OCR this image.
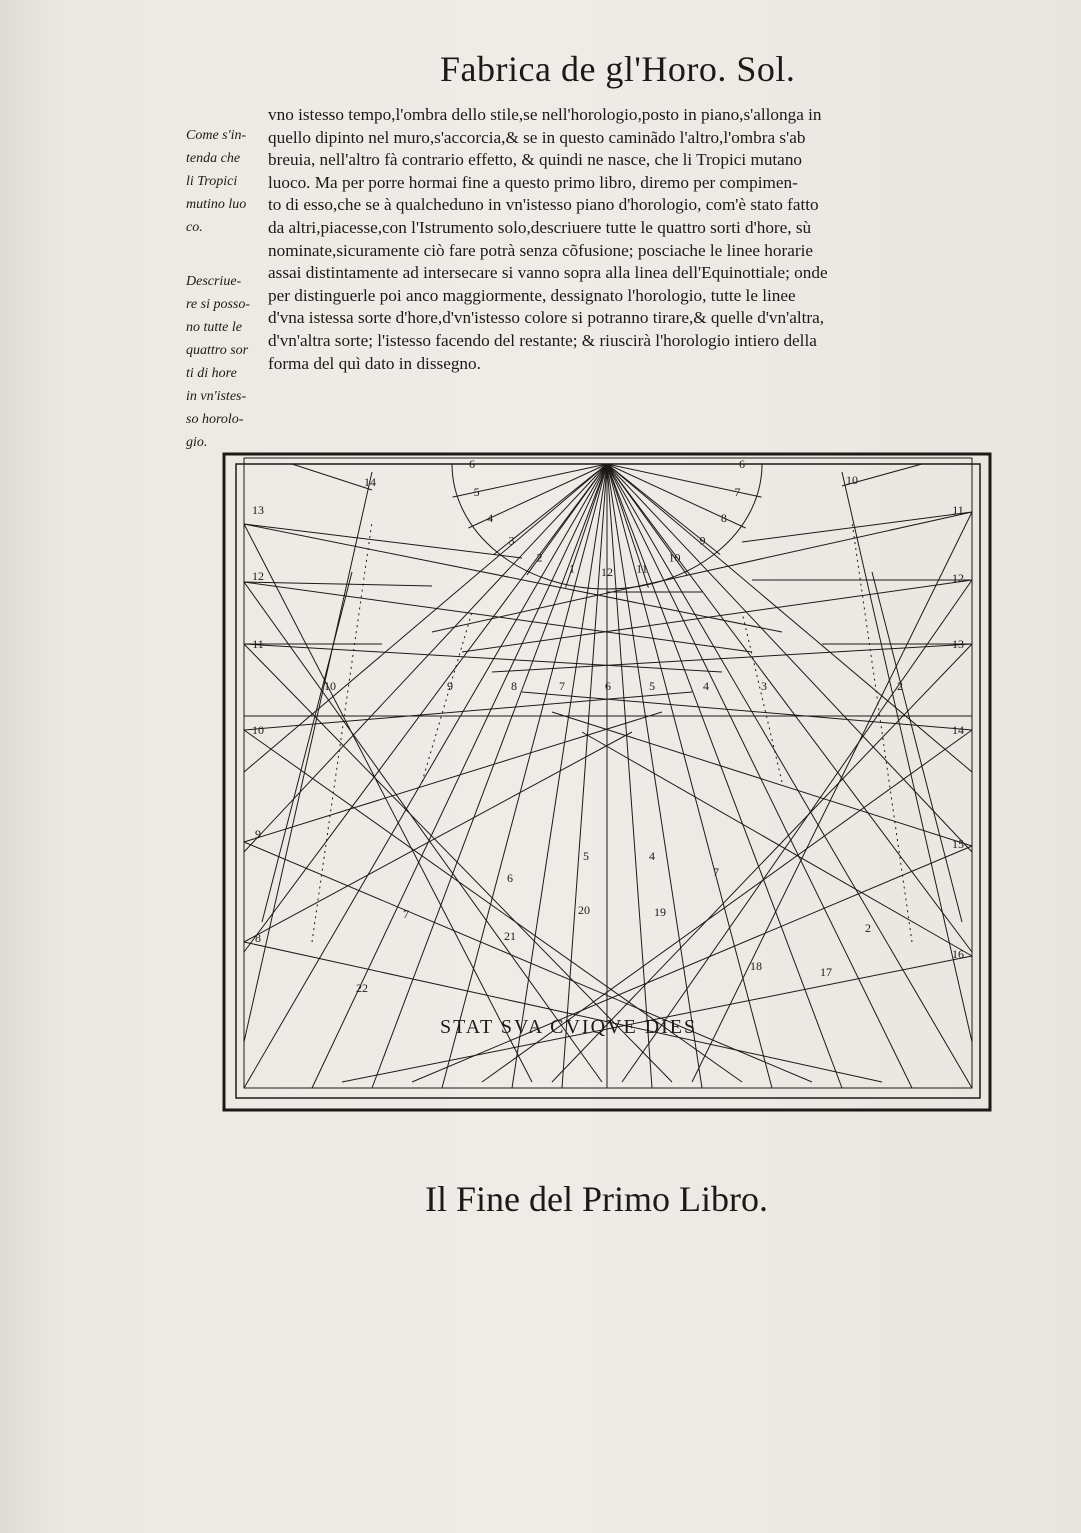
Fabrica de gl'Horo. Sol.
Come s'in-
tenda che
li Tropici
mutino luo
co.
Descriue-
re si posso-
no tutte le
quattro sor
ti di hore
in vn'istes-
so horolo-
gio.
vno istesso tempo,l'ombra dello stile,se nell'horologio,posto in piano,s'allonga in
quello dipinto nel muro,s'accorcia,& se in questo caminãdo l'altro,l'ombra s'ab
breuia, nell'altro fà contrario effetto, & quindi ne nasce, che li Tropici mutano
luoco. Ma per porre hormai fine a questo primo libro, diremo per compimen-
to di esso,che se à qualcheduno in vn'istesso piano d'horologio, com'è stato fatto
da altri,piacesse,con l'Istrumento solo,descriuere tutte le quattro sorti d'hore, sù
nominate,sicuramente ciò fare potrà senza cõfusione; posciache le linee horarie
assai distintamente ad intersecare si vanno sopra alla linea dell'Equinottiale; onde
per distinguerle poi anco maggiormente, dessignato l'horologio, tutte le linee
d'vna istessa sorte d'hore,d'vn'istesso colore si potranno tirare,& quelle d'vn'altra,
d'vn'altra sorte; l'istesso facendo del restante; & riuscirà l'horologio intiero della
forma del quì dato in dissegno.
6
5
4
3
2
1 12 11
10
9
8
7
6
13
12
11
10
9
8
11
12
13
14
15
16
14	10
10	9	8	7	6	5	4	3	2
7
6
5	4
7
2
22
21
20	19
18	17
STAT SVA CVIQVE DIES
Il Fine del Primo Libro.
